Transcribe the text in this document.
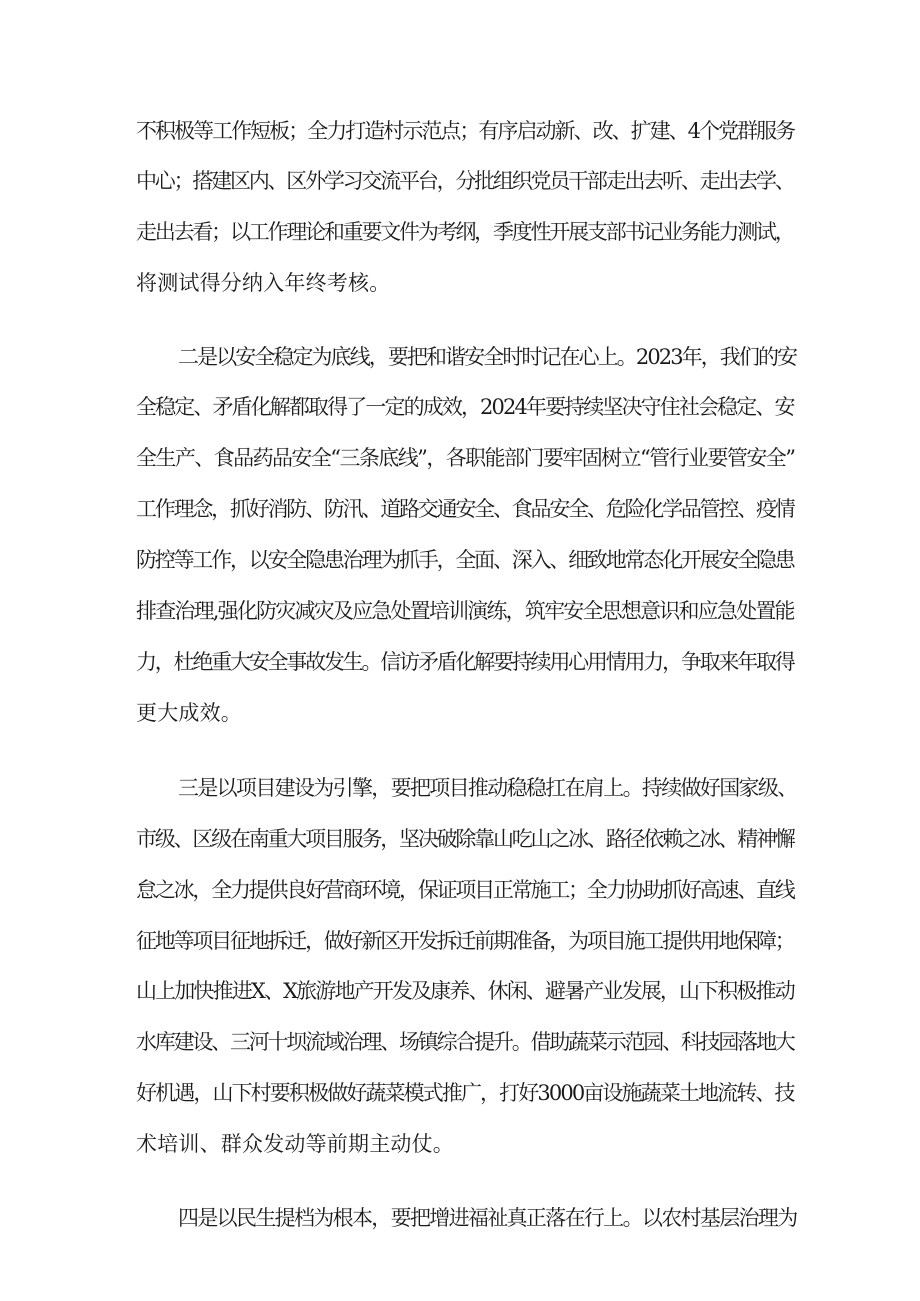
不积极等工作短板；全力打造村示范点；有序启动新、改、扩建、4个党群服务
中心；搭建区内、区外学习交流平台，分批组织党员干部走出去听、走出去学、
走出去看；以工作理论和重要文件为考纲，季度性开展支部书记业务能力测试，
将测试得分纳入年终考核。
二是以安全稳定为底线，要把和谐安全时时记在心上。2023年，我们的安
全稳定、矛盾化解都取得了一定的成效，2024年要持续坚决守住社会稳定、安
全生产、食品药品安全“三条底线”，各职能部门要牢固树立“管行业要管安全”
工作理念，抓好消防、防汛、道路交通安全、食品安全、危险化学品管控、疫情
防控等工作，以安全隐患治理为抓手，全面、深入、细致地常态化开展安全隐患
排查治理,强化防灾减灾及应急处置培训演练，筑牢安全思想意识和应急处置能
力，杜绝重大安全事故发生。信访矛盾化解要持续用心用情用力，争取来年取得
更大成效。
三是以项目建设为引擎，要把项目推动稳稳扛在肩上。持续做好国家级、
市级、区级在南重大项目服务，坚决破除靠山吃山之冰、路径依赖之冰、精神懈
怠之冰，全力提供良好营商环境，保证项目正常施工；全力协助抓好高速、直线
征地等项目征地拆迁，做好新区开发拆迁前期准备，为项目施工提供用地保障；
山上加快推进X、X旅游地产开发及康养、休闲、避暑产业发展，山下积极推动
水库建设、三河十坝流域治理、场镇综合提升。借助蔬菜示范园、科技园落地大
好机遇，山下村要积极做好蔬菜模式推广，打好3000亩设施蔬菜土地流转、技
术培训、群众发动等前期主动仗。
四是以民生提档为根本，要把增进福祉真正落在行上。以农村基层治理为
